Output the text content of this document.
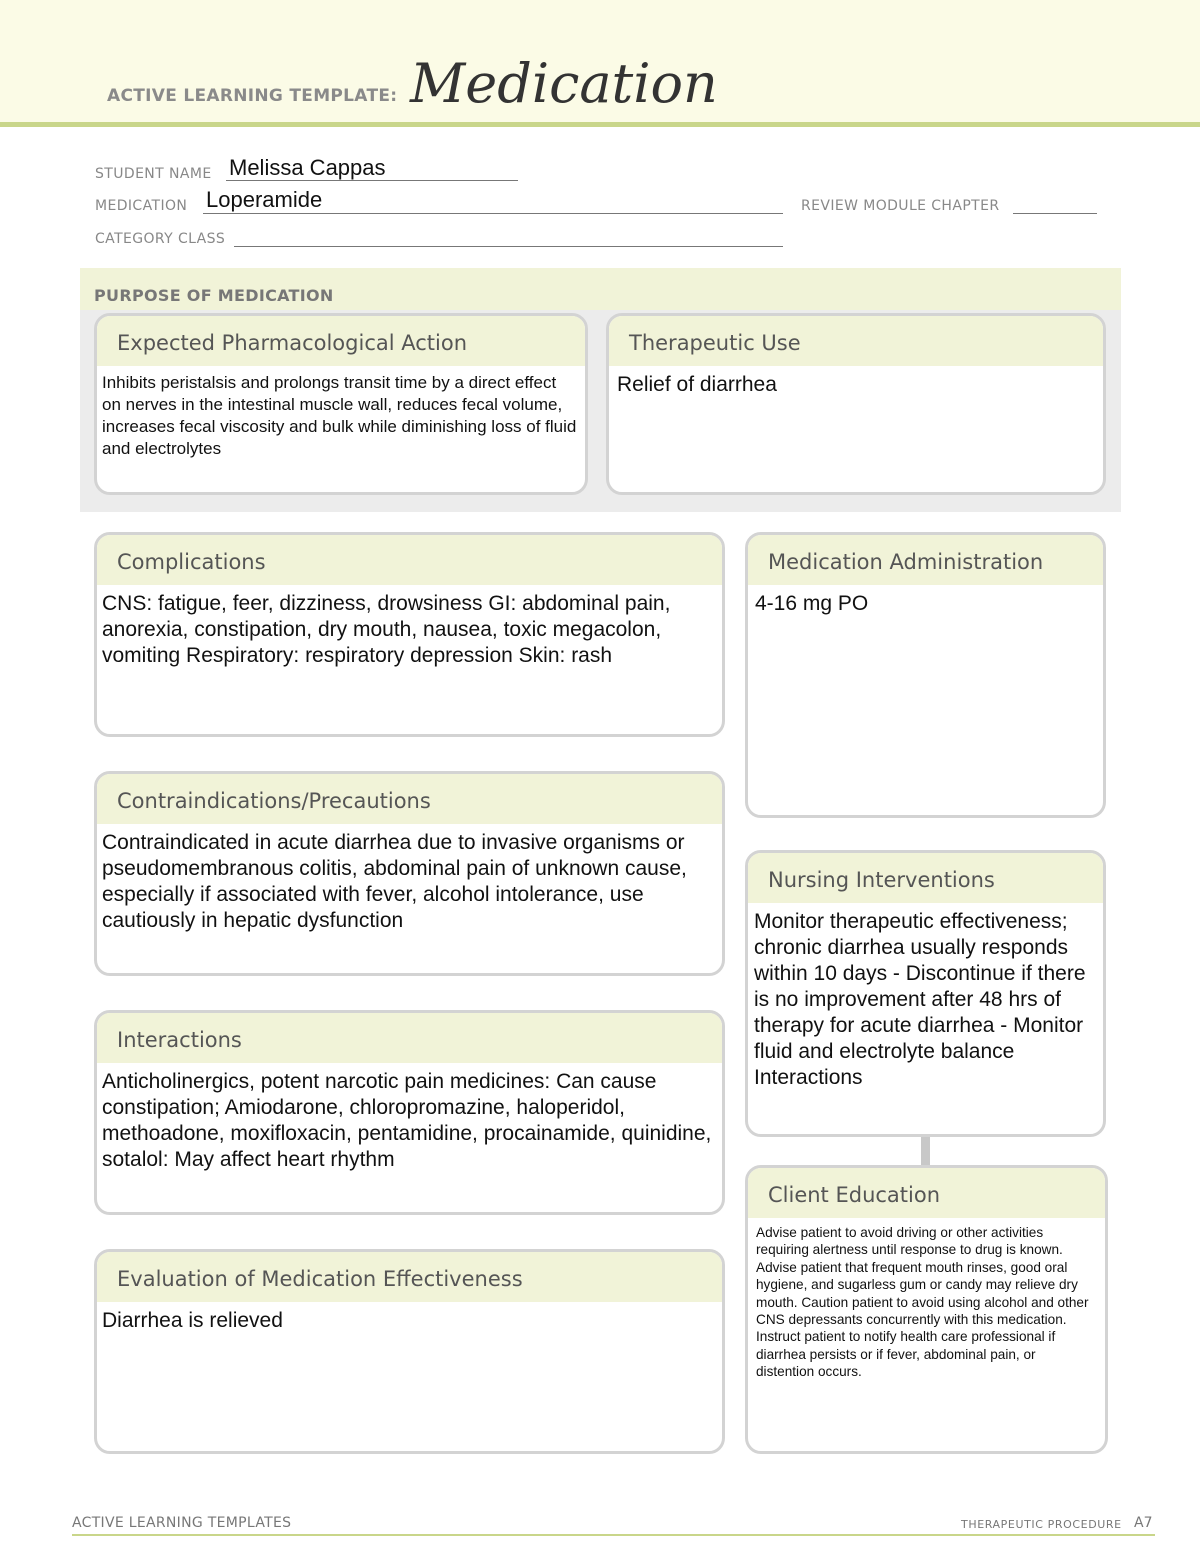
ACTIVE LEARNING TEMPLATE: Medication
STUDENT NAME Melissa Cappas
MEDICATION Loperamide	REVIEW MODULE CHAPTER
CATEGORY CLASS
PURPOSE OF MEDICATION
Expected Pharmacological Action
Inhibits peristalsis and prolongs transit time by a direct effect on nerves in the intestinal muscle wall, reduces fecal volume, increases fecal viscosity and bulk while diminishing loss of fluid and electrolytes
Therapeutic Use
Relief of diarrhea
Complications
CNS: fatigue, feer, dizziness, drowsiness GI: abdominal pain, anorexia, constipation, dry mouth, nausea, toxic megacolon, vomiting Respiratory: respiratory depression Skin: rash
Contraindications/Precautions
Contraindicated in acute diarrhea due to invasive organisms or pseudomembranous colitis, abdominal pain of unknown cause, especially if associated with fever, alcohol intolerance, use cautiously in hepatic dysfunction
Interactions
Anticholinergics, potent narcotic pain medicines: Can cause constipation; Amiodarone, chloropromazine, haloperidol, methoadone, moxifloxacin, pentamidine, procainamide, quinidine, sotalol: May affect heart rhythm
Evaluation of Medication Effectiveness
Diarrhea is relieved
Medication Administration
4-16 mg PO
Nursing Interventions
Monitor therapeutic effectiveness; chronic diarrhea usually responds within 10 days - Discontinue if there is no improvement after 48 hrs of therapy for acute diarrhea - Monitor fluid and electrolyte balance Interactions
Client Education
Advise patient to avoid driving or other activities requiring alertness until response to drug is known. Advise patient that frequent mouth rinses, good oral hygiene, and sugarless gum or candy may relieve dry mouth. Caution patient to avoid using alcohol and other CNS depressants concurrently with this medication. Instruct patient to notify health care professional if diarrhea persists or if fever, abdominal pain, or distention occurs.
ACTIVE LEARNING TEMPLATES	THERAPEUTIC PROCEDURE A7
